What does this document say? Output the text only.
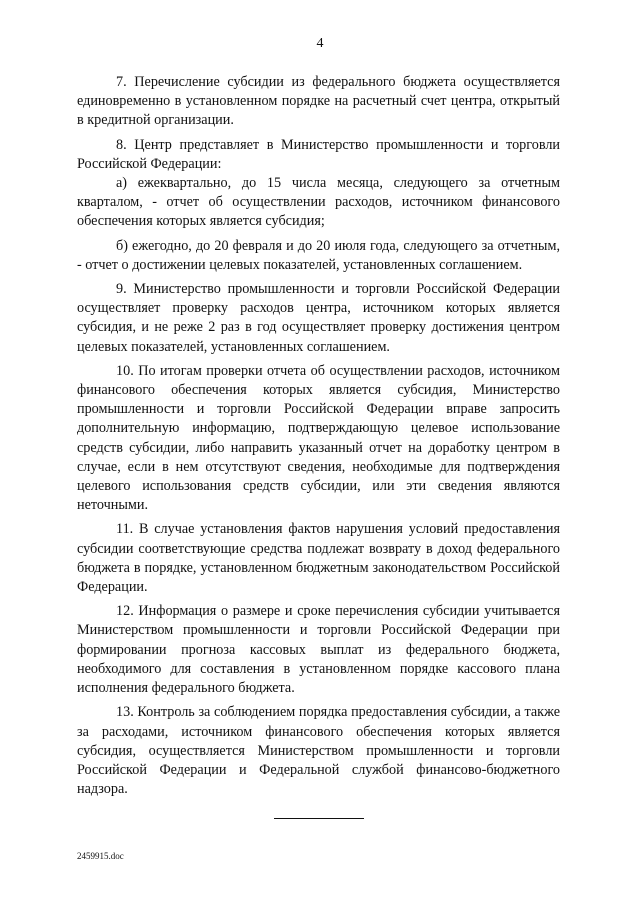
4

7. Перечисление субсидии из федерального бюджета осуществляется единовременно в установленном порядке на расчетный счет центра, открытый в кредитной организации.

8. Центр представляет в Министерство промышленности и торговли Российской Федерации:

а) ежеквартально, до 15 числа месяца, следующего за отчетным кварталом, - отчет об осуществлении расходов, источником финансового обеспечения которых является субсидия;

б) ежегодно, до 20 февраля и до 20 июля года, следующего за отчетным, - отчет о достижении целевых показателей, установленных соглашением.

9. Министерство промышленности и торговли Российской Федерации осуществляет проверку расходов центра, источником которых является субсидия, и не реже 2 раз в год осуществляет проверку достижения центром целевых показателей, установленных соглашением.

10. По итогам проверки отчета об осуществлении расходов, источником финансового обеспечения которых является субсидия, Министерство промышленности и торговли Российской Федерации вправе запросить дополнительную информацию, подтверждающую целевое использование средств субсидии, либо направить указанный отчет на доработку центром в случае, если в нем отсутствуют сведения, необходимые для подтверждения целевого использования средств субсидии, или эти сведения являются неточными.

11. В случае установления фактов нарушения условий предоставления субсидии соответствующие средства подлежат возврату в доход федерального бюджета в порядке, установленном бюджетным законодательством Российской Федерации.

12. Информация о размере и сроке перечисления субсидии учитывается Министерством промышленности и торговли Российской Федерации при формировании прогноза кассовых выплат из федерального бюджета, необходимого для составления в установленном порядке кассового плана исполнения федерального бюджета.

13. Контроль за соблюдением порядка предоставления субсидии, а также за расходами, источником финансового обеспечения которых является субсидия, осуществляется Министерством промышленности и торговли Российской Федерации и Федеральной службой финансово-бюджетного надзора.

2459915.doc
